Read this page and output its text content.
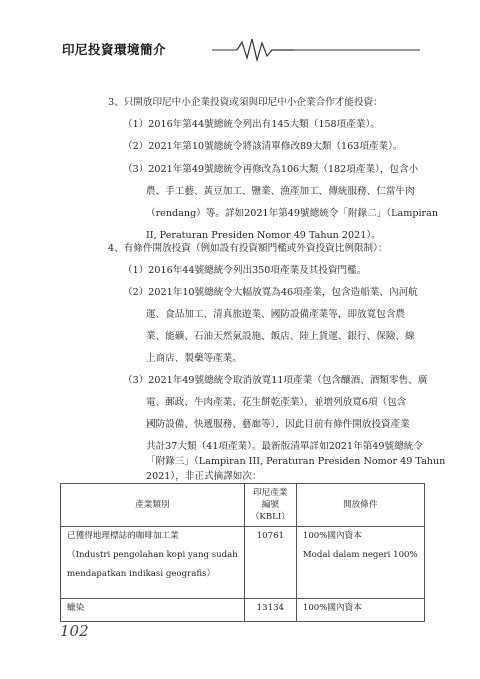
印尼投資環境簡介
3、只開放印尼中小企業投資或須與印尼中小企業合作才能投資：
（1）2016年第44號總統令列出有145大類（158項產業）。
（2）2021年第10號總統令將該清單修改89大類（163項產業）。
（3）2021年第49號總統令再修改為106大類（182項產業），包含小
農、手工藝、黃豆加工、鹽業、漁產加工、傳統服務、仁當牛肉
（rendang）等。詳如2021年第49號總統令「附錄二」（Lampiran
II, Peraturan Presiden Nomor 49 Tahun 2021）。
4、有條件開放投資（例如設有投資額門檻或外資投資比例限制）：
（1）2016年44號總統令列出350項產業及其投資門檻。
（2）2021年10號總統令大幅放寬為46項產業，包含造船業、內河航
運、食品加工、清真旅遊業、國防設備產業等，即放寬包含農
業、能礦、石油天然氣設施、飯店、陸上貨運、銀行、保險、線
上商店、製藥等產業。
（3）2021年49號總統令取消放寬11項產業（包含釀酒、酒類零售、廣
電、郵政、牛肉產業、花生餅乾產業），並增列放寬6項（包含
國防設備、快遞服務、藝廊等），因此目前有條件開放投資產業
共計37大類（41項產業）。最新版清單詳如2021年第49號總統令
「附錄三」（Lampiran III, Peraturan Presiden Nomor 49 Tahun
2021），非正式摘譯如次：
產業類別	印尼產業
編號
（KBLI）	開放條件

已獲得地理標誌的咖啡加工業
（Industri pengolahan kopi yang sudah
mendapatkan indikasi geografis）	10761	100%國內資本
Modal dalam negeri 100%

蠟染	13134	100%國內資本
102
